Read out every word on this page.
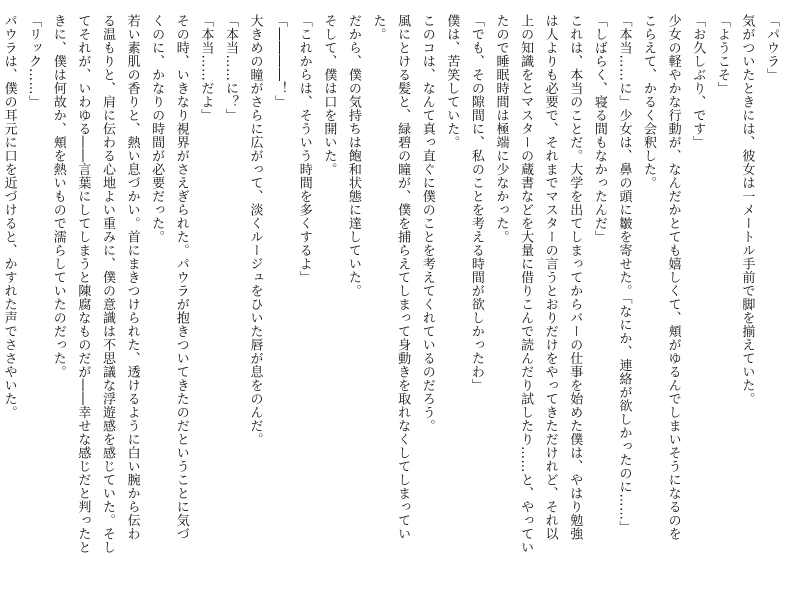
「パウラ」
気がついたときには、彼女は一メートル手前で脚を揃えていた。
「ようこそ」
「お久しぶり、です」
少女の軽やかな行動が、なんだかとても嬉しくて、頬がゆるんでしまいそうになるのを
こらえて、かるく会釈した。
「本当……に」少女は、鼻の頭に皺を寄せた。「なにか、連絡が欲しかったのに……」
「しばらく、寝る間もなかったんだ」
これは、本当のことだ。大学を出てしまってからバーの仕事を始めた僕は、やはり勉強
は人よりも必要で、それまでマスターの言うとおりだけをやってきただけれど、それ以
上の知識をとマスターの蔵書などを大量に借りこんで読んだり試したり……と、やってい
たので睡眠時間は極端に少なかった。
「でも、その隙間に、私のことを考える時間が欲しかったわ」
僕は、苦笑していた。
このコは、なんて真っ直ぐに僕のことを考えてくれているのだろう。
風にとける髪と、緑碧の瞳が、僕を捕らえてしまって身動きを取れなくしてしまってい
た。
だから、僕の気持ちは飽和状態に達していた。
そして、僕は口を開いた。
「これからは、そういう時間を多くするよ」
「――――！」
大きめの瞳がさらに広がって、淡くルージュをひいた唇が息をのんだ。
「本当……に？」
「本当……だよ」
その時、いきなり視界がさえぎられた。パウラが抱きついてきたのだということに気づ
くのに、かなりの時間が必要だった。
若い素肌の香りと、熱い息づかい。首にまきつけられた、透けるように白い腕から伝わ
る温もりと、肩に伝わる心地よい重みに、僕の意識は不思議な浮遊感を感じていた。そし
てそれが、いわゆる――言葉にしてしまうと陳腐なものだが――幸せな感じだと判ったと
きに、僕は何故か、頬を熱いもので濡らしていたのだった。
「リック……」
パウラは、僕の耳元に口を近づけると、かすれた声でささやいた。
